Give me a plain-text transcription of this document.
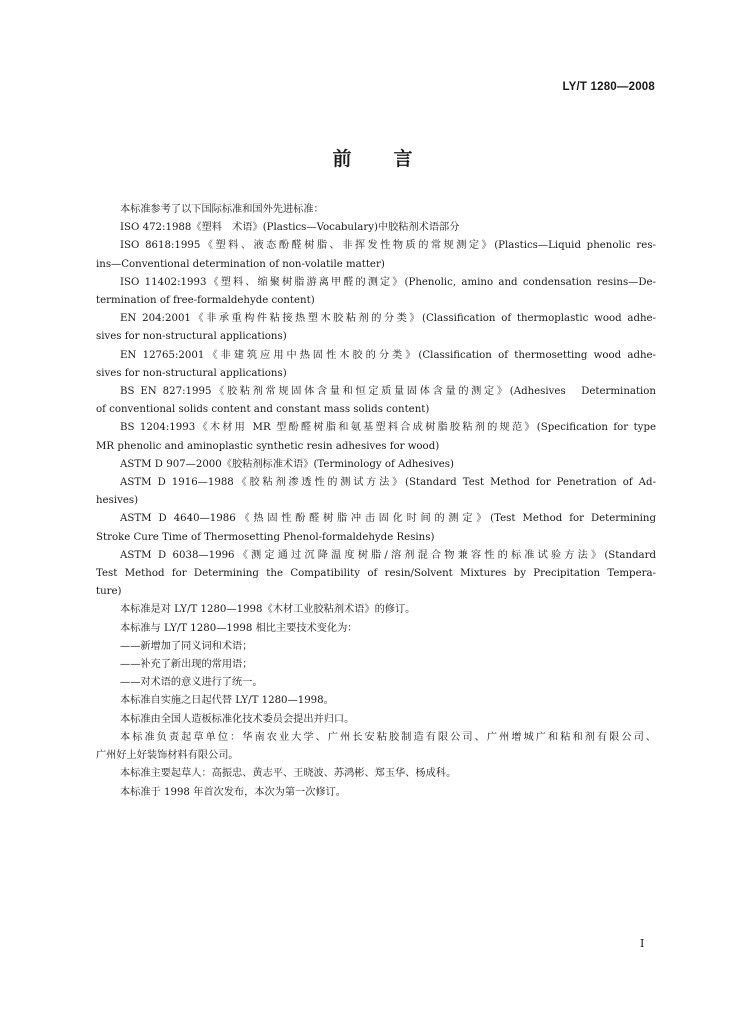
LY/T 1280—2008
前言

本标准参考了以下国际标准和国外先进标准：

ISO 472:1988《塑料　术语》(Plastics—Vocabulary)中胶粘剂术语部分

ISO 8618:1995《塑料、液态酚醛树脂、非挥发性物质的常规测定》(Plastics—Liquid phenolic res-

ins—Conventional determination of non-volatile matter)

ISO 11402:1993《塑料、缩聚树脂游离甲醛的测定》(Phenolic, amino and condensation resins—De-

termination of free-formaldehyde content)

EN 204:2001《非承重构件粘接热塑木胶粘剂的分类》(Classification of thermoplastic wood adhe-

sives for non-structural applications)

EN 12765:2001《非建筑应用中热固性木胶的分类》(Classification of thermosetting wood adhe-

sives for non-structural applications)

BS EN 827:1995《胶粘剂常规固体含量和恒定质量固体含量的测定》(Adhesives　Determination

of conventional solids content and constant mass solids content)

BS 1204:1993《木材用 MR 型酚醛树脂和氨基塑料合成树脂胶粘剂的规范》(Specification for type

MR phenolic and aminoplastic synthetic resin adhesives for wood)

ASTM D 907—2000《胶粘剂标准术语》(Terminology of Adhesives)

ASTM D 1916—1988《胶粘剂渗透性的测试方法》(Standard Test Method for Penetration of Ad-

hesives)

ASTM D 4640—1986《热固性酚醛树脂冲击固化时间的测定》(Test Method for Determining

Stroke Cure Time of Thermosetting Phenol-formaldehyde Resins)

ASTM D 6038—1996《测定通过沉降温度树脂/溶剂混合物兼容性的标准试验方法》(Standard

Test Method for Determining the Compatibility of resin/Solvent Mixtures by Precipitation Tempera-

ture)

本标准是对 LY/T 1280—1998《木材工业胶粘剂术语》的修订。

本标准与 LY/T 1280—1998 相比主要技术变化为：

——新增加了同义词和术语；

——补充了新出现的常用语；

——对术语的意义进行了统一。

本标准自实施之日起代替 LY/T 1280—1998。

本标准由全国人造板标准化技术委员会提出并归口。

本标准负责起草单位：华南农业大学、广州长安粘胶制造有限公司、广州增城广和粘和剂有限公司、

广州好上好装饰材料有限公司。

本标准主要起草人：高振忠、黄志平、王晓波、苏鸿彬、郑玉华、杨成科。

本标准于 1998 年首次发布，本次为第一次修订。

I
